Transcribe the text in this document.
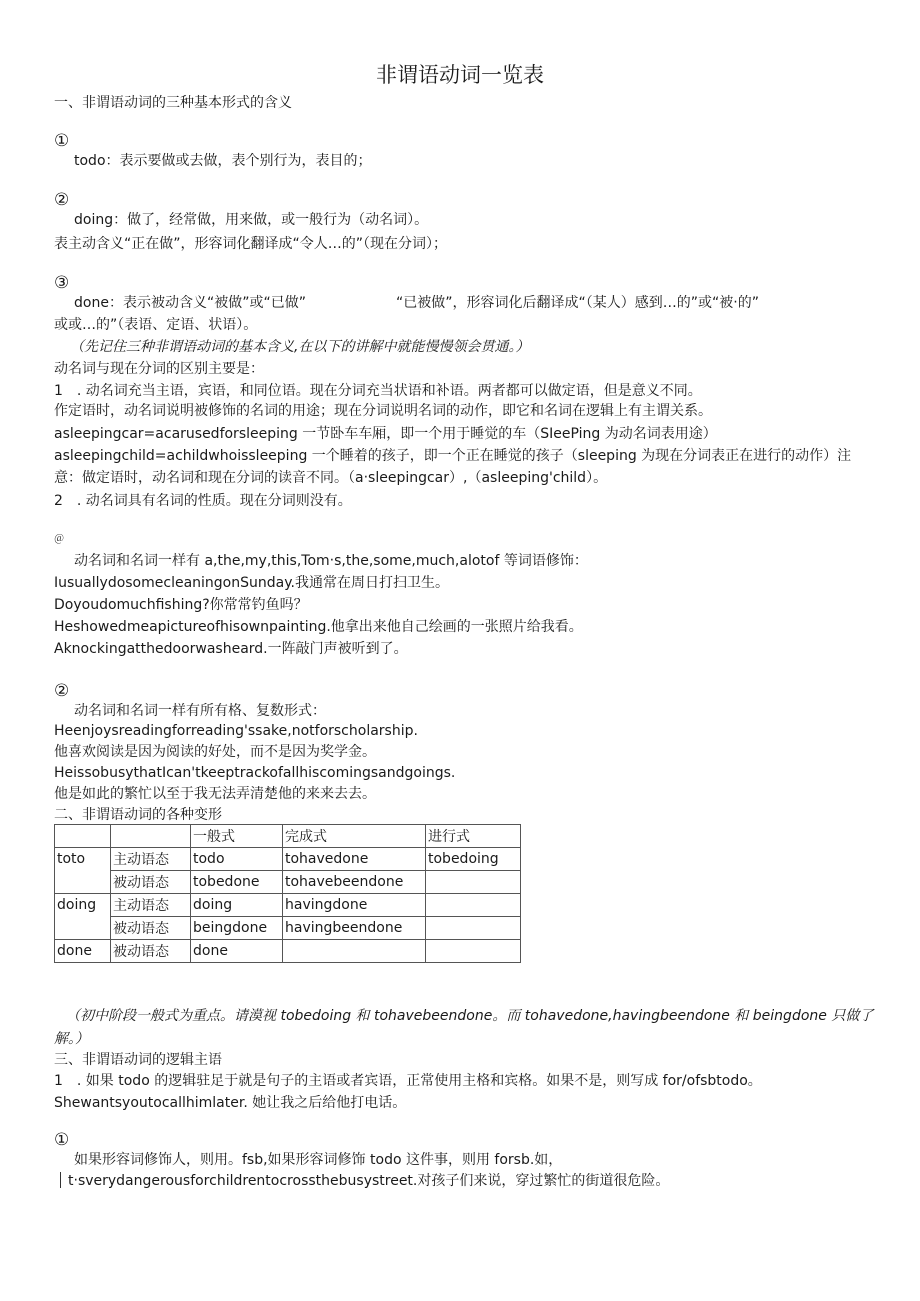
非谓语动词一览表
一、非谓语动词的三种基本形式的含义
①
todo：表示要做或去做，表个别行为，表目的；
②
doing：做了，经常做，用来做，或一般行为（动名词）。
表主动含义“正在做”，形容词化翻译成“令人…的”（现在分词）；
③
done：表示被动含义“被做”或“已做”	“已被做”，形容词化后翻译成“（某人）感到…的”或“被‧的”
或或…的”（表语、定语、状语）。
（先记住三种非谓语动词的基本含义,在以下的讲解中就能慢慢领会贯通。）
动名词与现在分词的区别主要是：
1　. 动名词充当主语，宾语，和同位语。现在分词充当状语和补语。两者都可以做定语，但是意义不同。
作定语时，动名词说明被修饰的名词的用途；现在分词说明名词的动作，即它和名词在逻辑上有主谓关系。
asleepingcar=acarusedforsleeping 一节卧车车厢，即一个用于睡觉的车（SIeePing 为动名词表用途）
asleepingchild=achildwhoissleeping 一个睡着的孩子，即一个正在睡觉的孩子（sleeping 为现在分词表正在进行的动作）注
意：做定语时，动名词和现在分词的读音不同。（a‧sleepingcar）,（asleeping'child）。
2　. 动名词具有名词的性质。现在分词则没有。
＠
动名词和名词一样有 a,the,my,this,Tom‧s,the,some,much,alotof 等词语修饰：
IusuallydosomecleaningonSunday.我通常在周日打扫卫生。
Doyoudomuchfishing?你常常钓鱼吗？
Heshowedmeapictureofhisownpainting.他拿出来他自己绘画的一张照片给我看。
Aknockingatthedoorwasheard.一阵敲门声被听到了。
②
动名词和名词一样有所有格、复数形式：
Heenjoysreadingforreading'ssake,notforscholarship.
他喜欢阅读是因为阅读的好处，而不是因为奖学金。
HeissobusythatIcan'tkeeptrackofallhiscomingsandgoings.
他是如此的繁忙以至于我无法弄清楚他的来来去去。
二、非谓语动词的各种变形
		一般式	完成式	进行式
toto	主动语态	todo	tohavedone	tobedoing
	被动语态	tobedone	tohavebeendone	
doing	主动语态	doing	havingdone	
	被动语态	beingdone	havingbeendone	
done	被动语态	done		
（初中阶段一般式为重点。请漠视 tobedoing 和 tohavebeendone。而 tohavedone,havingbeendone 和 beingdone 只做了
解。）
三、非谓语动词的逻辑主语
1　. 如果 todo 的逻辑驻足于就是句子的主语或者宾语，正常使用主格和宾格。如果不是，则写成 for/ofsbtodo。
Shewantsyoutocallhimlater. 她让我之后给他打电话。
①
如果形容词修饰人，则用。fsb,如果形容词修饰 todo 这件事，则用 forsb.如，
t‧sverydangerousforchildrentocrossthebusystreet.对孩子们来说，穿过繁忙的街道很危险。
